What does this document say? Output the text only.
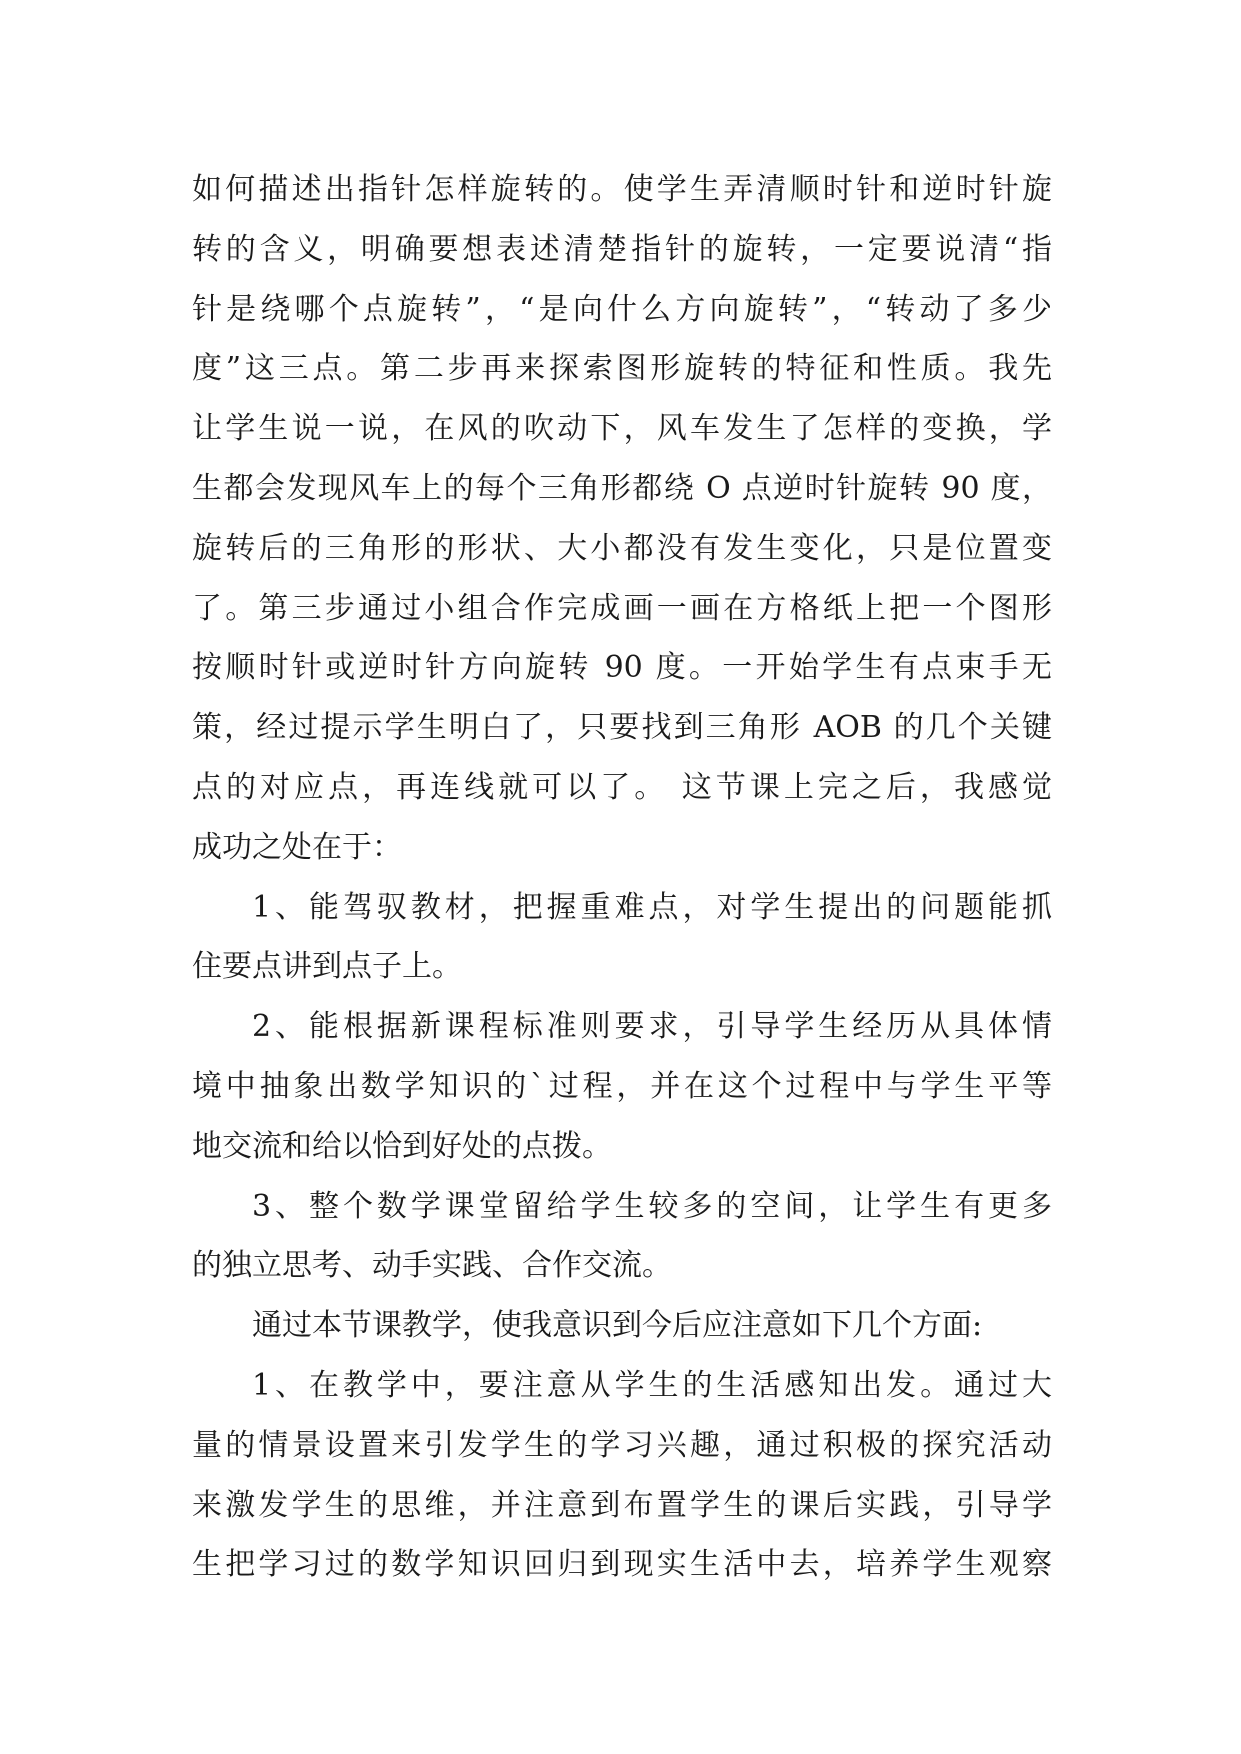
如何描述出指针怎样旋转的。使学生弄清顺时针和逆时针旋
转的含义，明确要想表述清楚指针的旋转，一定要说清“指
针是绕哪个点旋转”，“是向什么方向旋转”，“转动了多少
度”这三点。第二步再来探索图形旋转的特征和性质。我先
让学生说一说，在风的吹动下，风车发生了怎样的变换，学
生都会发现风车上的每个三角形都绕 O 点逆时针旋转 90 度，
旋转后的三角形的形状、大小都没有发生变化，只是位置变
了。第三步通过小组合作完成画一画在方格纸上把一个图形
按顺时针或逆时针方向旋转 90 度。一开始学生有点束手无
策，经过提示学生明白了，只要找到三角形 AOB 的几个关键
点的对应点，再连线就可以了。 这节课上完之后，我感觉
成功之处在于：
1、能驾驭教材，把握重难点，对学生提出的问题能抓
住要点讲到点子上。
2、能根据新课程标准则要求，引导学生经历从具体情
境中抽象出数学知识的`过程，并在这个过程中与学生平等
地交流和给以恰到好处的点拨。
3、整个数学课堂留给学生较多的空间，让学生有更多
的独立思考、动手实践、合作交流。
通过本节课教学，使我意识到今后应注意如下几个方面:
1、在教学中，要注意从学生的生活感知出发。通过大
量的情景设置来引发学生的学习兴趣，通过积极的探究活动
来激发学生的思维，并注意到布置学生的课后实践，引导学
生把学习过的数学知识回归到现实生活中去，培养学生观察
